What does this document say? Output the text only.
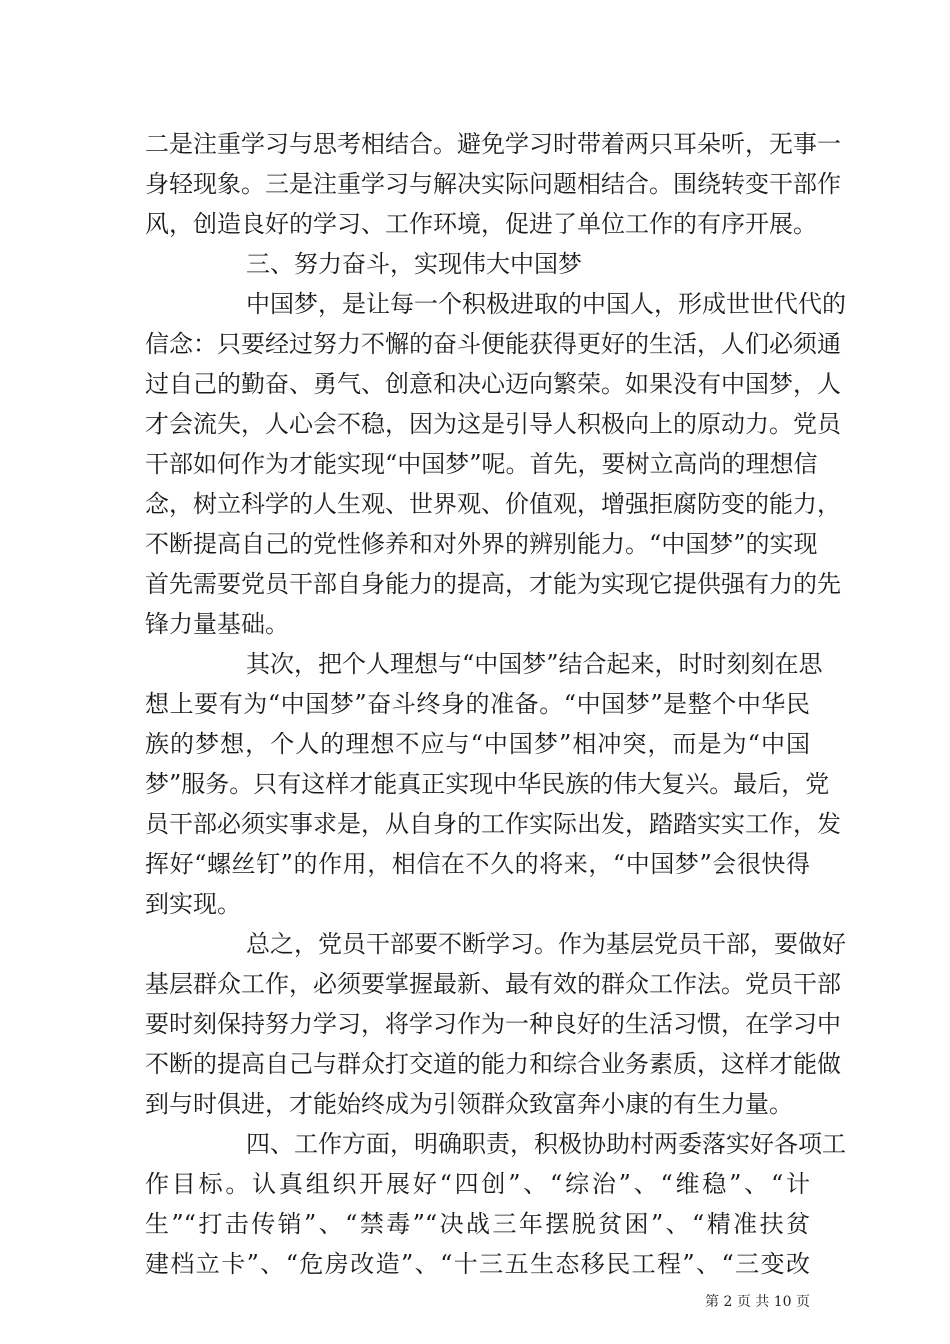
二是注重学习与思考相结合。避免学习时带着两只耳朵听，无事一
身轻现象。三是注重学习与解决实际问题相结合。围绕转变干部作
风，创造良好的学习、工作环境，促进了单位工作的有序开展。
三、努力奋斗，实现伟大中国梦
中国梦，是让每一个积极进取的中国人，形成世世代代的
信念：只要经过努力不懈的奋斗便能获得更好的生活，人们必须通
过自己的勤奋、勇气、创意和决心迈向繁荣。如果没有中国梦，人
才会流失，人心会不稳，因为这是引导人积极向上的原动力。党员
干部如何作为才能实现“中国梦”呢。首先，要树立高尚的理想信
念，树立科学的人生观、世界观、价值观，增强拒腐防变的能力，
不断提高自己的党性修养和对外界的辨别能力。“中国梦”的实现
首先需要党员干部自身能力的提高，才能为实现它提供强有力的先
锋力量基础。
其次，把个人理想与“中国梦”结合起来，时时刻刻在思
想上要有为“中国梦”奋斗终身的准备。“中国梦”是整个中华民
族的梦想，个人的理想不应与“中国梦”相冲突，而是为“中国
梦”服务。只有这样才能真正实现中华民族的伟大复兴。最后，党
员干部必须实事求是，从自身的工作实际出发，踏踏实实工作，发
挥好“螺丝钉”的作用，相信在不久的将来，“中国梦”会很快得
到实现。
总之，党员干部要不断学习。作为基层党员干部，要做好
基层群众工作，必须要掌握最新、最有效的群众工作法。党员干部
要时刻保持努力学习，将学习作为一种良好的生活习惯，在学习中
不断的提高自己与群众打交道的能力和综合业务素质，这样才能做
到与时俱进，才能始终成为引领群众致富奔小康的有生力量。
四、工作方面，明确职责，积极协助村两委落实好各项工
作目标。认真组织开展好“四创”、“综治”、“维稳”、“计
生”“打击传销”、“禁毒”“决战三年摆脱贫困”、“精准扶贫
建档立卡”、“危房改造”、“十三五生态移民工程”、“三变改
第 2 页 共 10 页
